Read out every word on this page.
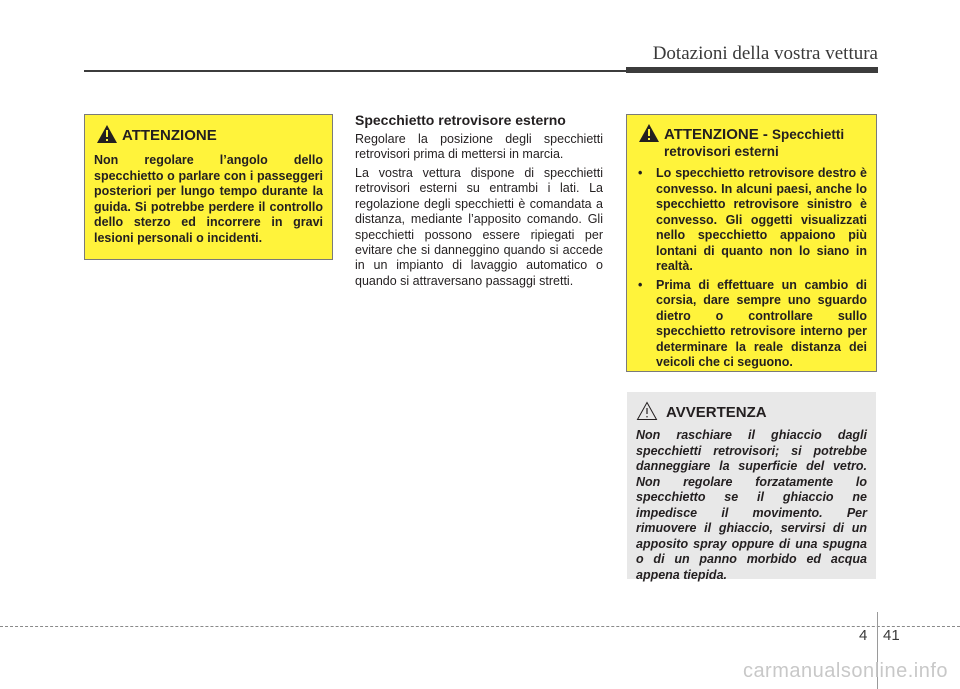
Dotazioni della vostra vettura
ATTENZIONE
Non regolare l’angolo dello specchietto o parlare con i passeggeri posteriori per lungo tempo durante la guida. Si potrebbe perdere il controllo dello sterzo ed incorrere in gravi lesioni personali o incidenti.
Specchietto retrovisore esterno
Regolare la posizione degli specchietti retrovisori prima di mettersi in marcia.
La vostra vettura dispone di specchietti retrovisori esterni su entrambi i lati. La regolazione degli specchietti è comandata a distanza, mediante l’apposito comando. Gli specchietti possono essere ripiegati per evitare che si danneggino quando si accede in un impianto di lavaggio automatico o quando si attraversano passaggi stretti.
ATTENZIONE - Specchietti
retrovisori esterni
• Lo specchietto retrovisore destro è convesso. In alcuni paesi, anche lo specchietto retrovisore sinistro è convesso. Gli oggetti visualizzati nello specchietto appaiono più lontani di quanto non lo siano in realtà.
• Prima di effettuare un cambio di corsia, dare sempre uno sguardo dietro o controllare sullo specchietto retrovisore interno per determinare la reale distanza dei veicoli che ci seguono.
AVVERTENZA
Non raschiare il ghiaccio dagli specchietti retrovisori; si potrebbe danneggiare la superficie del vetro. Non regolare forzatamente lo specchietto se il ghiaccio ne impedisce il movimento. Per rimuovere il ghiaccio, servirsi di un apposito spray oppure di una spugna o di un panno morbido ed acqua appena tiepida.
4 41
carmanualsonline.info
